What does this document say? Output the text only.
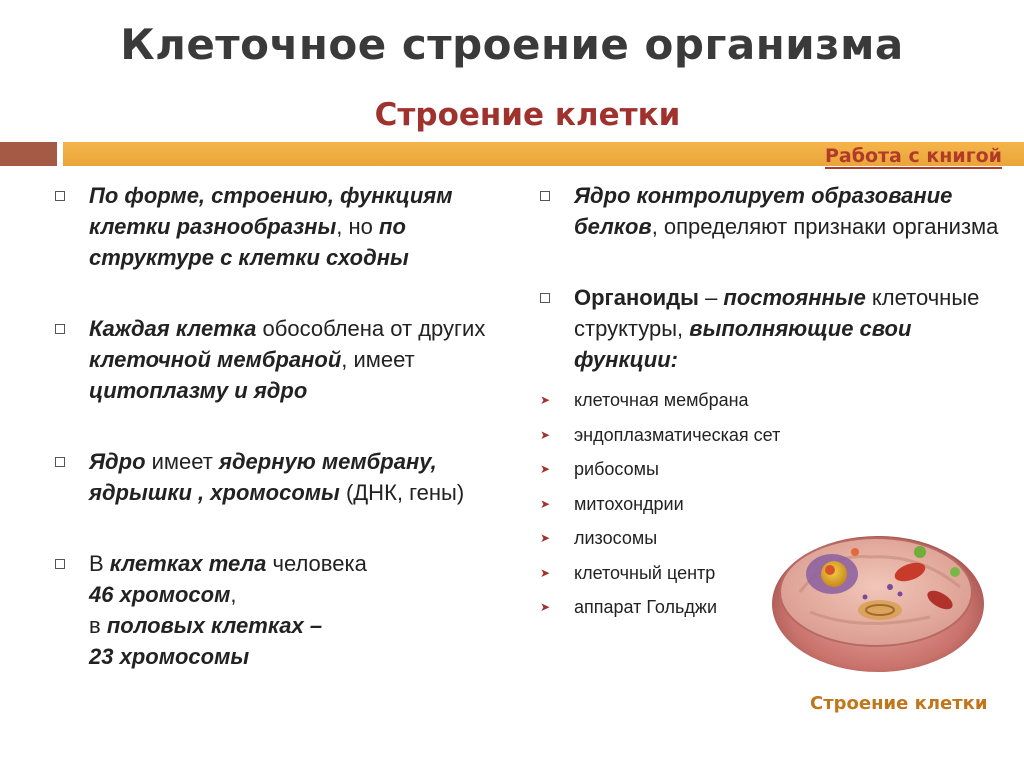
Клеточное строение организма
Строение клетки
Работа с книгой
По форме, строению, функциям клетки разнообразны, но по структуре с клетки сходны
Каждая клетка обособлена от других клеточной мембраной, имеет цитоплазму и ядро
Ядро имеет ядерную мембрану, ядрышки , хромосомы (ДНК, гены)
В клетках тела человека
46 хромосом,
в половых клетках –
23 хромосомы
Ядро контролирует образование белков, определяют признаки организма
Органоиды – постоянные клеточные структуры, выполняющие свои функции:
➤ клеточная мембрана
➤ эндоплазматическая сет
➤ рибосомы
➤ митохондрии
➤ лизосомы
➤ клеточный центр
➤ аппарат Гольджи
Строение клетки
